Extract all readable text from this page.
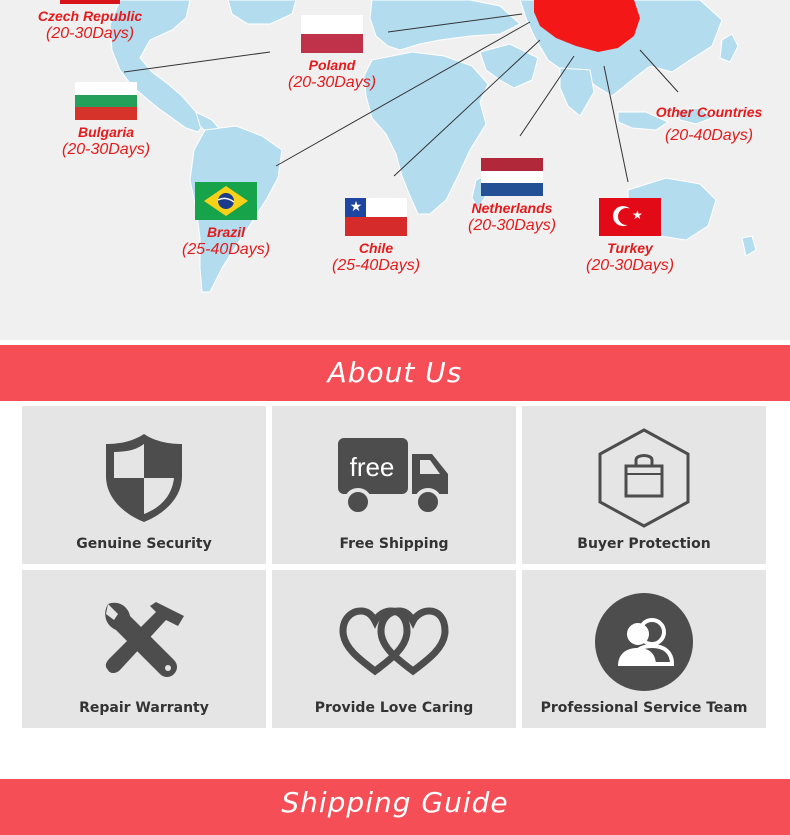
Czech Republic
(20-30Days)
Poland
(20-30Days)
Bulgaria
(20-30Days)
Other Countries
(20-40Days)
Brazil
(25-40Days)
★
Chile
(25-40Days)
Netherlands
(20-30Days)
★
Turkey
(20-30Days)
About Us
Genuine Security
free
Free Shipping	Buyer Protection
Repair Warranty	Provide Love Caring	Professional Service Team
Shipping Guide
